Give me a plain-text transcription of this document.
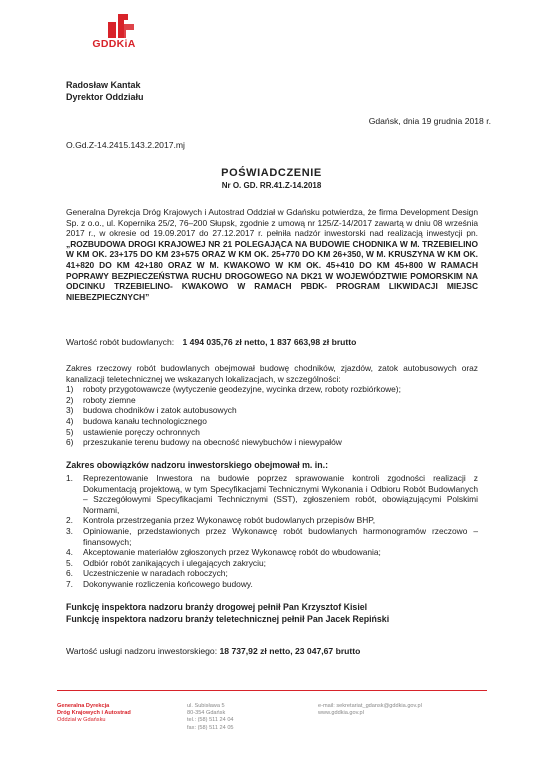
GDDKiA
Radosław Kantak
Dyrektor Oddziału
Gdańsk, dnia 19 grudnia 2018 r.
O.Gd.Z-14.2415.143.2.2017.mj
POŚWIADCZENIE
Nr O. GD. RR.41.Z-14.2018
Generalna Dyrekcja Dróg Krajowych i Autostrad Oddział w Gdańsku potwierdza, że firma Development Design Sp. z o.o., ul. Kopernika 25/2, 76–200 Słupsk, zgodnie z umową nr 125/Z-14/2017 zawartą w dniu 08 września 2017 r., w okresie od 19.09.2017 do 27.12.2017 r. pełniła nadzór inwestorski nad realizacją inwestycji pn. „ROZBUDOWA DROGI KRAJOWEJ NR 21 POLEGAJĄCA NA BUDOWIE CHODNIKA W M. TRZEBIELINO W KM OK. 23+175 DO KM 23+575 ORAZ W KM OK. 25+770 DO KM 26+350, W M. KRUSZYNA W KM OK. 41+820 DO KM 42+180 ORAZ W M. KWAKOWO W KM OK. 45+410 DO KM 45+800 W RAMACH POPRAWY BEZPIECZEŃSTWA RUCHU DROGOWEGO NA DK21 W WOJEWÓDZTWIE POMORSKIM NA ODCINKU TRZEBIELINO- KWAKOWO W RAMACH PBDK- PROGRAM LIKWIDACJI MIEJSC NIEBEZPIECZNYCH”
Wartość robót budowlanych: 1 494 035,76 zł netto, 1 837 663,98 zł brutto
Zakres rzeczowy robót budowlanych obejmował budowę chodników, zjazdów, zatok autobusowych oraz kanalizacji teletechnicznej we wskazanych lokalizacjach, w szczególności:
1)	roboty przygotowawcze (wytyczenie geodezyjne, wycinka drzew, roboty rozbiórkowe);
2)	roboty ziemne
3)	budowa chodników i zatok autobusowych
4)	budowa kanału technologicznego
5)	ustawienie poręczy ochronnych
6)	przeszukanie terenu budowy na obecność niewybuchów i niewypałów
Zakres obowiązków nadzoru inwestorskiego obejmował m. in.:
1.	Reprezentowanie Inwestora na budowie poprzez sprawowanie kontroli zgodności realizacji z Dokumentacją projektową, w tym Specyfikacjami Technicznymi Wykonania i Odbioru Robót Budowlanych – Szczegółowymi Specyfikacjami Technicznymi (SST), zgłoszeniem robót, obowiązującymi Polskimi Normami,
2.	Kontrola przestrzegania przez Wykonawcę robót budowlanych przepisów BHP,
3.	Opiniowanie, przedstawionych przez Wykonawcę robót budowlanych harmonogramów rzeczowo – finansowych;
4.	Akceptowanie materiałów zgłoszonych przez Wykonawcę robót do wbudowania;
5.	Odbiór robót zanikających i ulegających zakryciu;
6.	Uczestniczenie w naradach roboczych;
7.	Dokonywanie rozliczenia końcowego budowy.
Funkcję inspektora nadzoru branży drogowej pełnił Pan Krzysztof Kisiel
Funkcję inspektora nadzoru branży teletechnicznej pełnił Pan Jacek Repiński
Wartość usługi nadzoru inwestorskiego: 18 737,92 zł netto, 23 047,67 brutto
Generalna Dyrekcja
Dróg Krajowych i Autostrad
Oddział w Gdańsku
ul. Subisława 5
80-354 Gdańsk
tel.: (58) 511 24 04
fax: (58) 511 24 05
e-mail: sekretariat_gdansk@gddkia.gov.pl
www.gddkia.gov.pl
